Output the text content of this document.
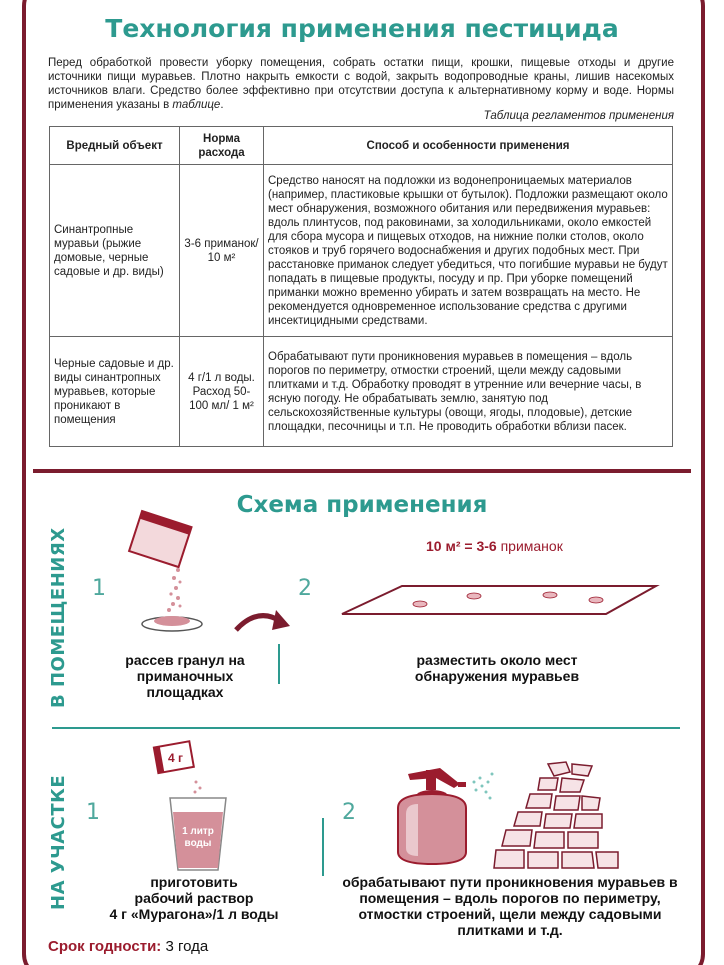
Технология применения пестицида

Перед обработкой провести уборку помещения, собрать остатки пищи, крошки, пищевые отходы и другие источники пищи муравьев. Плотно накрыть емкости с водой, закрыть водопроводные краны, лишив насекомых источников влаги. Средство более эффективно при отсутствии доступа к альтернативному корму и воде. Нормы применения указаны в таблице.

Таблица регламентов применения
Вредный объект	Норма расхода	Способ и особенности применения
Синантропные муравьи (рыжие домовые, черные садовые и др. виды)	3-6 приманок/ 10 м²	Средство наносят на подложки из водонепроницаемых материалов (например, пластиковые крышки от бутылок). Подложки размещают около мест обнаружения, возможного обитания или передвижения муравьев: вдоль плинтусов, под раковинами, за холодильниками, около емкостей для сбора мусора и пищевых отходов, на нижние полки столов, около стояков и труб горячего водоснабжения и других подобных мест. При расстановке приманок следует убедиться, что погибшие муравьи не будут попадать в пищевые продукты, посуду и пр. При уборке помещений приманки можно временно убирать и затем возвращать на место. Не рекомендуется одновременное использование средства с другими инсектицидными средствами.
Черные садовые и др. виды синантропных муравьев, которые проникают в помещения	4 г/1 л воды. Расход 50-100 мл/ 1 м²	Обрабатывают пути проникновения муравьев в помещения – вдоль порогов по периметру, отмостки строений, щели между садовыми плитками и т.д. Обработку проводят в утренние или вечерние часы, в ясную погоду. Не обрабатывать землю, занятую под сельскохозяйственные культуры (овощи, ягоды, плодовые), детские площадки, песочницы и т.п. Не проводить обработки вблизи пасек.
Схема применения
В ПОМЕЩЕНИЯХ	10 м² = 3-6 приманок
1	2
рассев гранул на приманочных площадках
разместить около мест обнаружения муравьев
НА УЧАСТКЕ 1	2
4 г
1 литр
воды
приготовить
рабочий раствор
4 г «Мурагона»/1 л воды
обрабатывают пути проникновения муравьев в помещения – вдоль порогов по периметру, отмостки строений, щели между садовыми плитками и т.д.
Срок годности: 3 года
